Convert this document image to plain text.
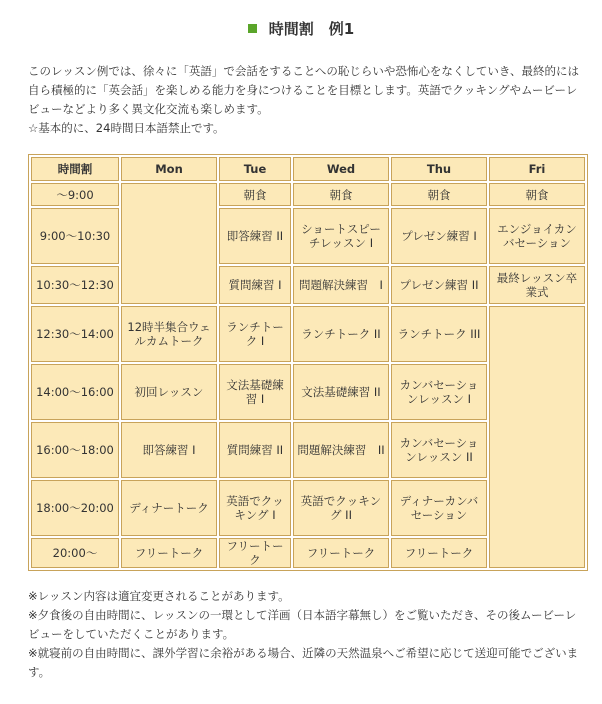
時間割　例1

このレッスン例では、徐々に「英語」で会話をすることへの恥じらいや恐怖心をなくしていき、最終的には自ら積極的に「英会話」を楽しめる能力を身につけることを目標とします。英語でクッキングやムービーレビューなどより多く異文化交流も楽しめます。

☆基本的に、24時間日本語禁止です。

時間割	Mon	Tue	Wed	Thu	Fri
～9:00		朝食	朝食	朝食	朝食
9:00～10:30		即答練習 II	ショートスピーチレッスン I	プレゼン練習 I	エンジョイカンバセーション
10:30～12:30		質問練習 I	問題解決練習　I	プレゼン練習 II	最終レッスン卒業式
12:30～14:00	12時半集合ウェルカムトーク	ランチトーク I	ランチトーク II	ランチトーク III	
14:00～16:00	初回レッスン	文法基礎練習 I	文法基礎練習 II	カンバセーションレッスン I	
16:00～18:00	即答練習 I	質問練習 II	問題解決練習　II	カンバセーションレッスン II	
18:00～20:00	ディナートーク	英語でクッキング I	英語でクッキング II	ディナーカンバセーション	
20:00～	フリートーク	フリートーク	フリートーク	フリートーク	

※レッスン内容は適宜変更されることがあります。

※夕食後の自由時間に、レッスンの一環として洋画（日本語字幕無し）をご覧いただき、その後ムービーレビューをしていただくことがあります。

※就寝前の自由時間に、課外学習に余裕がある場合、近隣の天然温泉へご希望に応じて送迎可能でございます。
